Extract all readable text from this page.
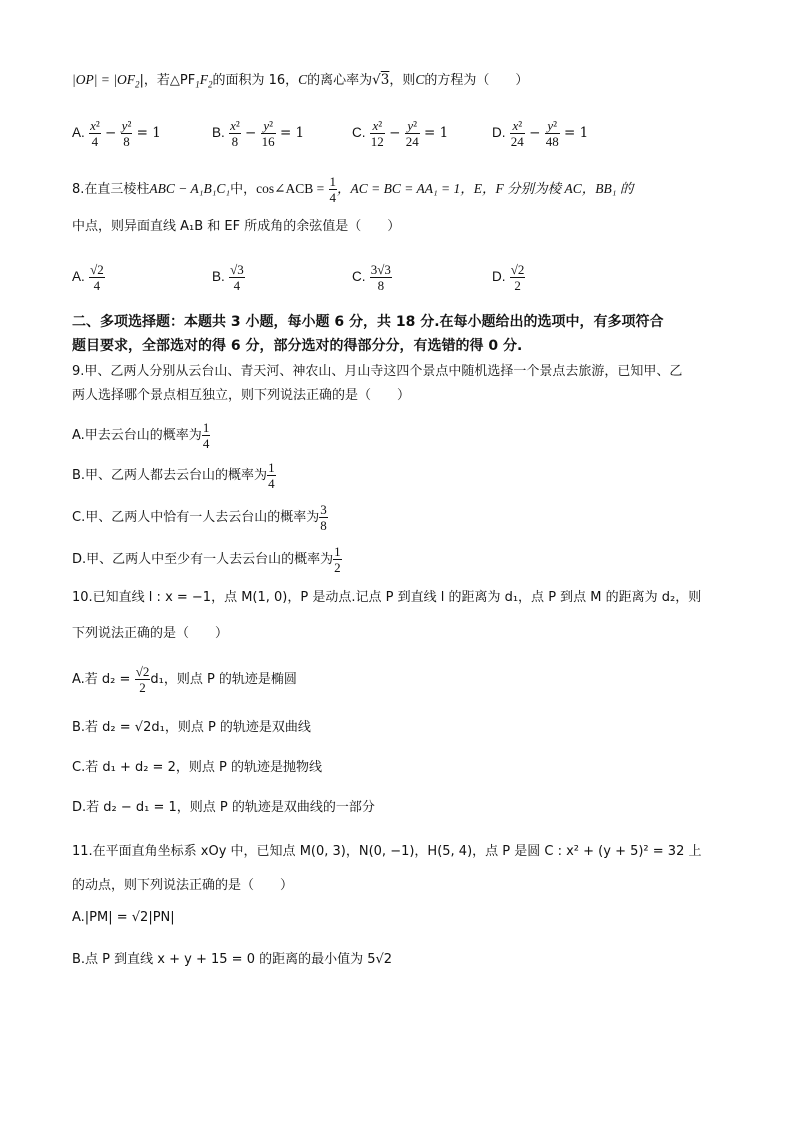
$|OP| = |OF_2|$，若$\triangle PF_1F_2$的面积为 16，C的离心率为√3，则C的方程为（　　）
A. $\frac{\text{x²}}{4} - \frac{\text{y²}}{8} = 1$	B. $\frac{\text{x²}}{8} - \frac{\text{y²}}{16} = 1$	C. $\frac{\text{x²}}{12} - \frac{\text{y²}}{24} = 1$	D. $\frac{\text{x²}}{24} - \frac{\text{y²}}{48} = 1$
8.在直三棱柱ABC − A₁B₁C₁中，cos∠ACB = $\frac{1}{4}$ ，AC = BC = AA₁ = 1，E，F 分别为棱 AC，BB₁ 的
中点，则异面直线 A₁B 和 EF 所成角的余弦值是（　　）
A. $\frac{√2}{4}$	B. $\frac{√3}{4}$	C. $\frac{3√3}{8}$	D. $\frac{√2}{2}$
二、多项选择题：本题共 3 小题，每小题 6 分，共 18 分.在每小题给出的选项中，有多项符合
题目要求，全部选对的得 6 分，部分选对的得部分分，有选错的得 0 分.
9.甲、乙两人分别从云台山、青天河、神农山、月山寺这四个景点中随机选择一个景点去旅游，已知甲、乙
两人选择哪个景点相互独立，则下列说法正确的是（　　）
A.甲去云台山的概率为 $\frac{1}{4}$
B.甲、乙两人都去云台山的概率为 $\frac{1}{4}$
C.甲、乙两人中恰有一人去云台山的概率为 $\frac{3}{8}$
D.甲、乙两人中至少有一人去云台山的概率为 $\frac{1}{2}$
10.已知直线 l : x = −1，点 M(1, 0)，P 是动点.记点 P 到直线 l 的距离为 d₁，点 P 到点 M 的距离为 d₂，则
下列说法正确的是（　　）
A.若 $d_2 = \frac{√2}{2} d_1$，则点 P 的轨迹是椭圆
B.若 d₂ = √2d₁，则点 P 的轨迹是双曲线
C.若 d₁ + d₂ = 2，则点 P 的轨迹是抛物线
D.若 d₂ − d₁ = 1，则点 P 的轨迹是双曲线的一部分
11.在平面直角坐标系 xOy 中，已知点 M(0, 3)，N(0, −1)，H(5, 4)，点 P 是圆 C : x² + (y + 5)² = 32 上
的动点，则下列说法正确的是（　　）
A.|PM| = √2|PN|
B.点 P 到直线 x + y + 15 = 0 的距离的最小值为 5√2
